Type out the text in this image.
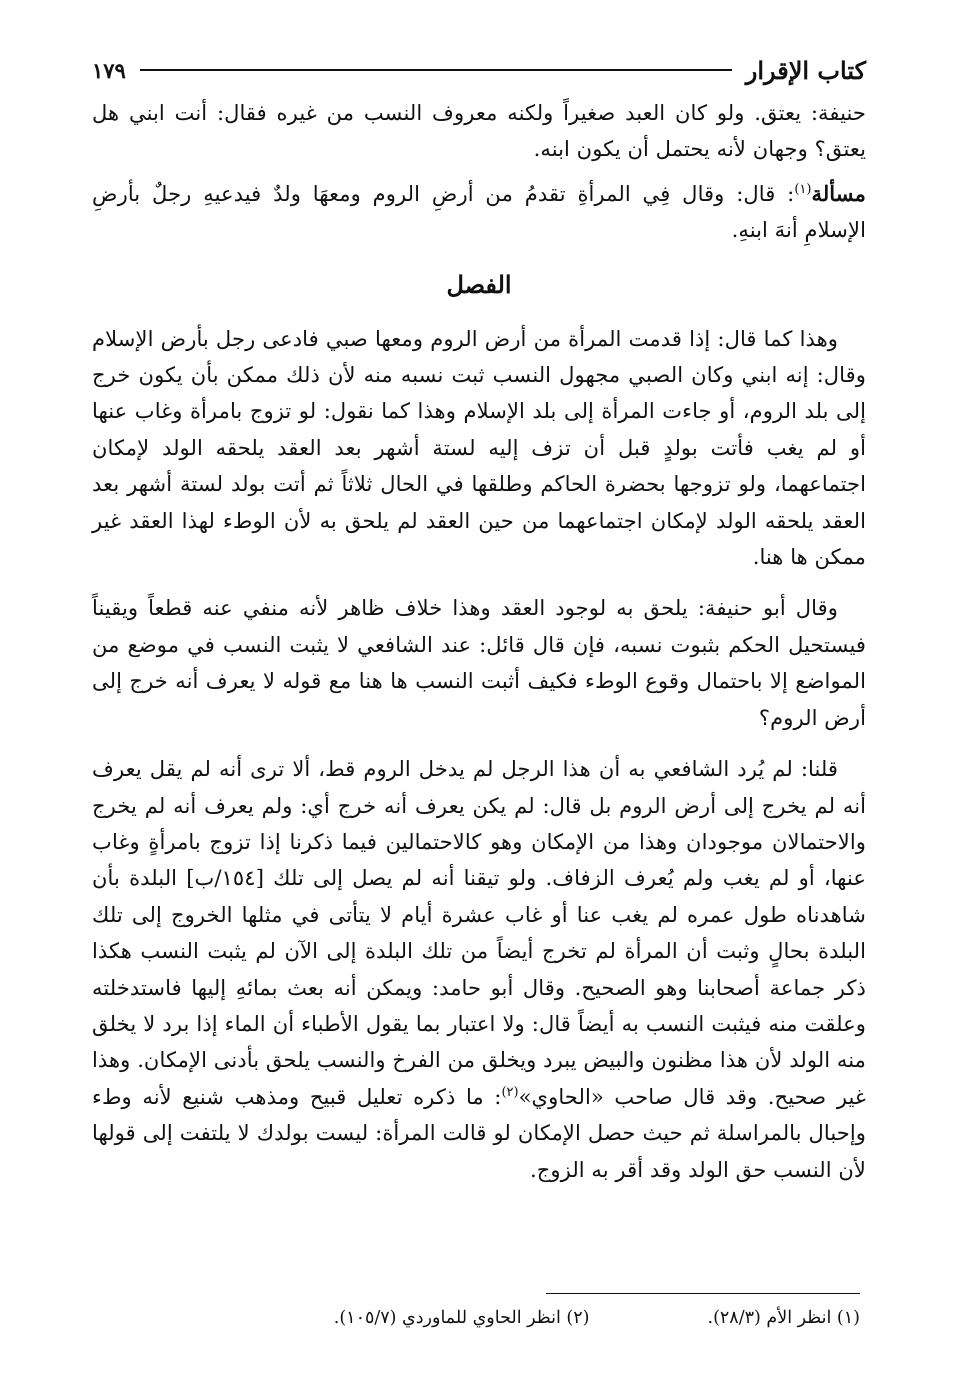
كتاب الإقرار
١٧٩

حنيفة: يعتق. ولو كان العبد صغيراً ولكنه معروف النسب من غيره فقال: أنت ابني هل يعتق؟ وجهان لأنه يحتمل أن يكون ابنه.

مسألة$^{(١)}$: قال: وقال فِي المرأةِ تقدمُ من أرضِ الروم ومعهَا ولدٌ فيدعيهِ رجلٌ بأرضِ الإسلامِ أنهَ ابنهِ.

الفصل

وهذا كما قال: إذا قدمت المرأة من أرض الروم ومعها صبي فادعى رجل بأرض الإسلام وقال: إنه ابني وكان الصبي مجهول النسب ثبت نسبه منه لأن ذلك ممكن بأن يكون خرج إلى بلد الروم، أو جاءت المرأة إلى بلد الإسلام وهذا كما نقول: لو تزوج بامرأة وغاب عنها أو لم يغب فأتت بولدٍ قبل أن تزف إليه لستة أشهر بعد العقد يلحقه الولد لإمكان اجتماعهما، ولو تزوجها بحضرة الحاكم وطلقها في الحال ثلاثاً ثم أتت بولد لستة أشهر بعد العقد يلحقه الولد لإمكان اجتماعهما من حين العقد لم يلحق به لأن الوطء لهذا العقد غير ممكن ها هنا.

وقال أبو حنيفة: يلحق به لوجود العقد وهذا خلاف ظاهر لأنه منفي عنه قطعاً ويقيناً فيستحيل الحكم بثبوت نسبه، فإن قال قائل: عند الشافعي لا يثبت النسب في موضع من المواضع إلا باحتمال وقوع الوطء فكيف أثبت النسب ها هنا مع قوله لا يعرف أنه خرج إلى أرض الروم؟

قلنا: لم يُرد الشافعي به أن هذا الرجل لم يدخل الروم قط، ألا ترى أنه لم يقل يعرف أنه لم يخرج إلى أرض الروم بل قال: لم يكن يعرف أنه خرج أي: ولم يعرف أنه لم يخرج والاحتمالان موجودان وهذا من الإمكان وهو كالاحتمالين فيما ذكرنا إذا تزوج بامرأةٍ وغاب عنها، أو لم يغب ولم يُعرف الزفاف. ولو تيقنا أنه لم يصل إلى تلك [١٥٤/ب] البلدة بأن شاهدناه طول عمره لم يغب عنا أو غاب عشرة أيام لا يتأتى في مثلها الخروج إلى تلك البلدة بحالٍ وثبت أن المرأة لم تخرج أيضاً من تلك البلدة إلى الآن لم يثبت النسب هكذا ذكر جماعة أصحابنا وهو الصحيح. وقال أبو حامد: ويمكن أنه بعث بمائهِ إليها فاستدخلته وعلقت منه فيثبت النسب به أيضاً قال: ولا اعتبار بما يقول الأطباء أن الماء إذا برد لا يخلق منه الولد لأن هذا مظنون والبيض يبرد ويخلق من الفرخ والنسب يلحق بأدنى الإمكان. وهذا غير صحيح. وقد قال صاحب «الحاوي»$^{(٢)}$: ما ذكره تعليل قبيح ومذهب شنيع لأنه وطء وإحبال بالمراسلة ثم حيث حصل الإمكان لو قالت المرأة: ليست بولدك لا يلتفت إلى قولها لأن النسب حق الولد وقد أقر به الزوج.

(١) انظر الأم (٢٨/٣).
(٢) انظر الحاوي للماوردي (١٠٥/٧).
